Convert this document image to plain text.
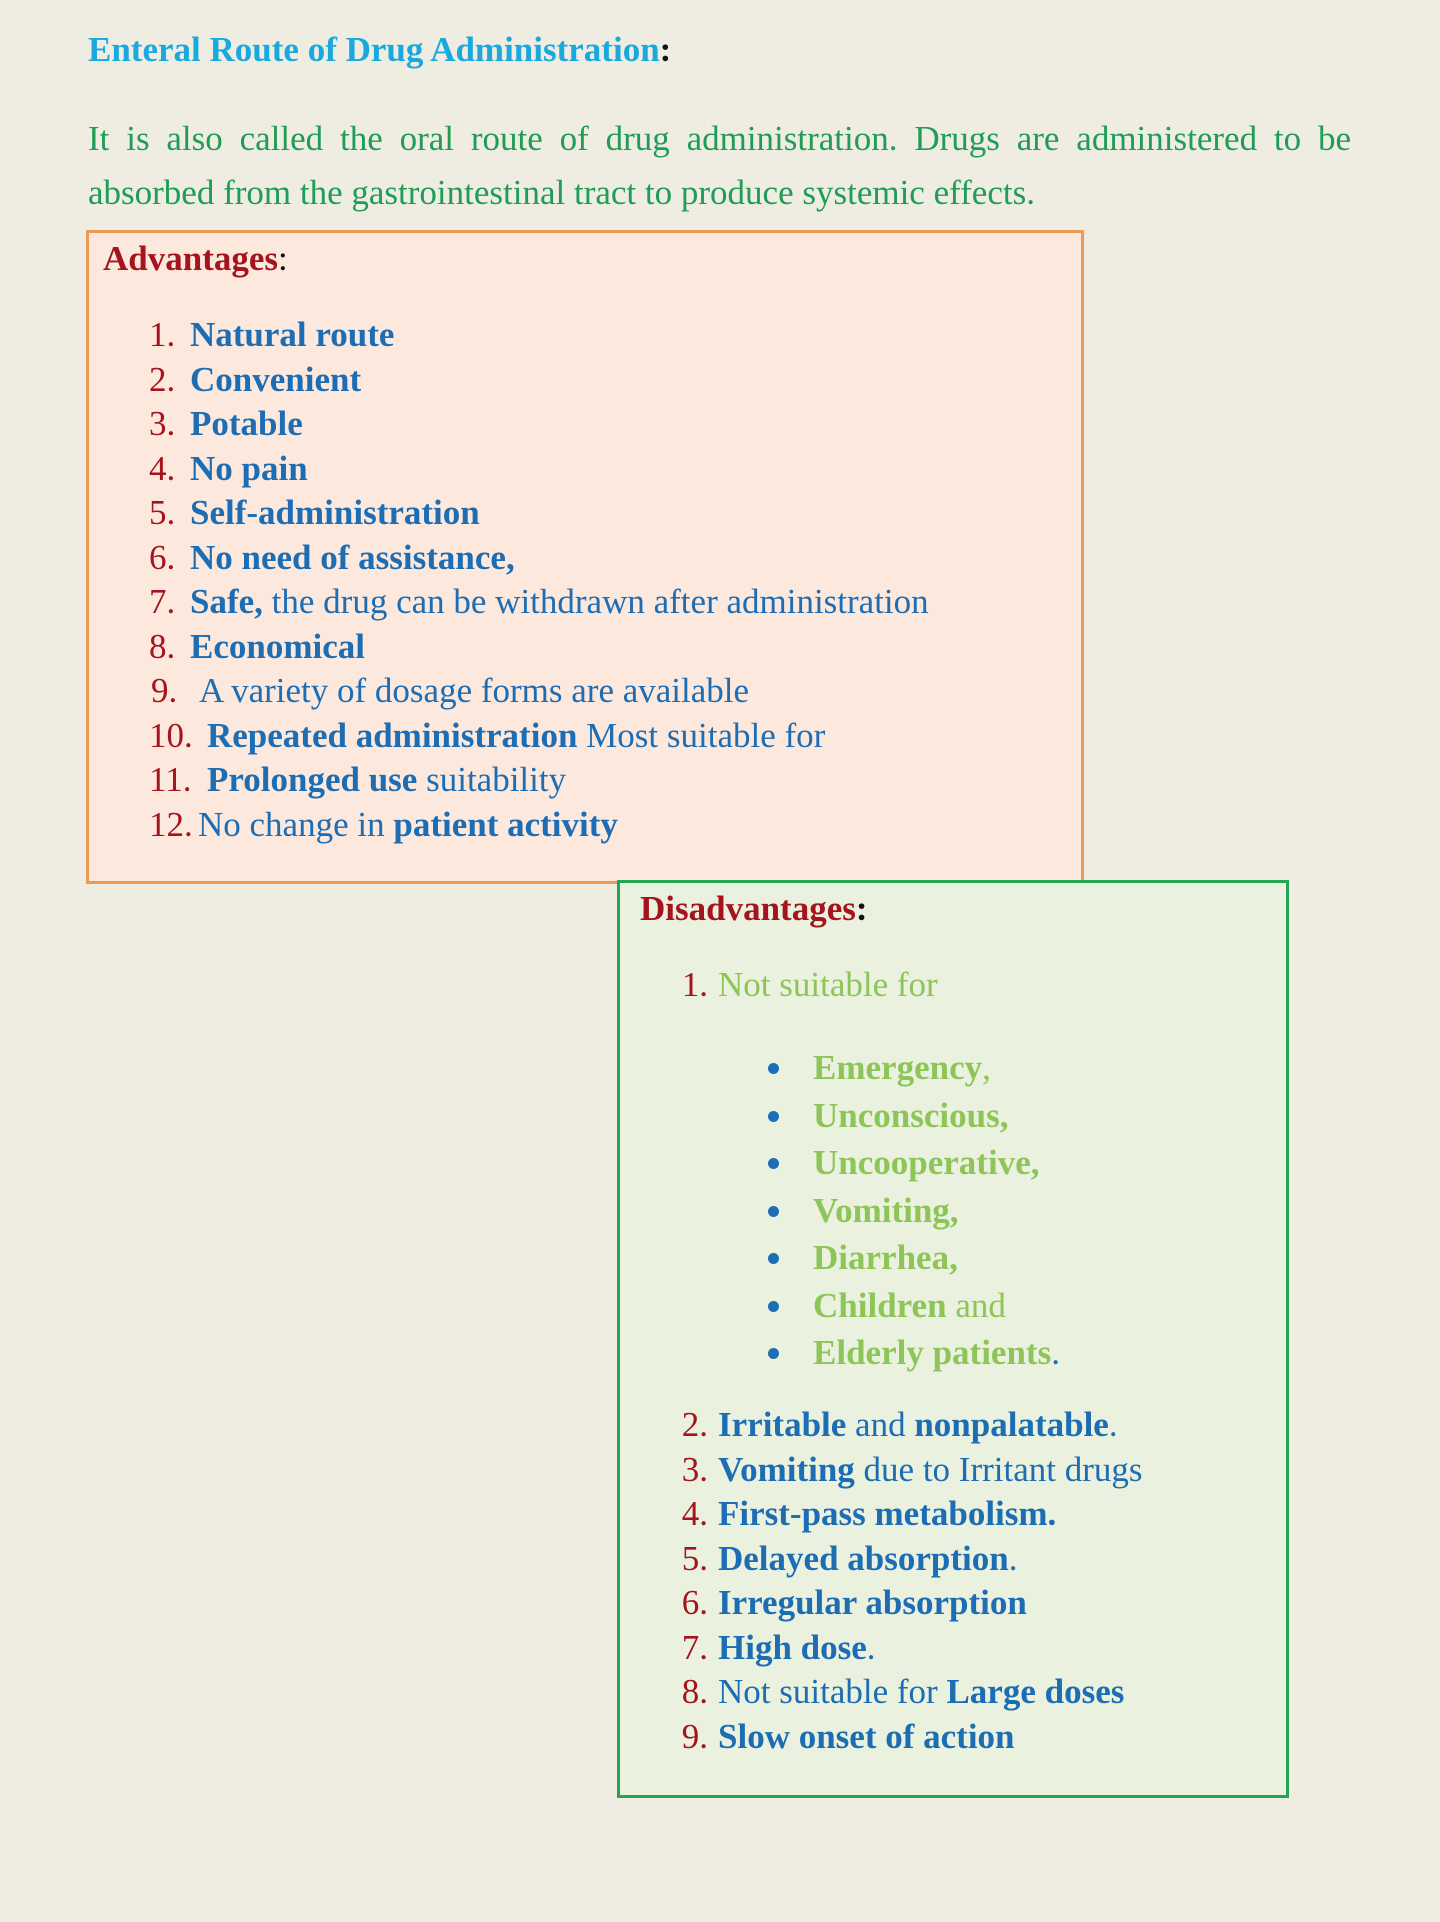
Enteral Route of Drug Administration:
It is also called the oral route of drug administration. Drugs are administered to be absorbed from the gastrointestinal tract to produce systemic effects.
Advantages:
1. Natural route
2. Convenient
3. Potable
4. No pain
5. Self-administration
6. No need of assistance,
7. Safe, the drug can be withdrawn after administration
8. Economical
9. A variety of dosage forms are available
10. Repeated administration Most suitable for
11. Prolonged use suitability
12. No change in patient activity
Disadvantages:
1. Not suitable for
Emergency,
Unconscious,
Uncooperative,
Vomiting,
Diarrhea,
Children and
Elderly patients.
2. Irritable and nonpalatable.
3. Vomiting due to Irritant drugs
4. First-pass metabolism.
5. Delayed absorption.
6. Irregular absorption
7. High dose.
8. Not suitable for Large doses
9. Slow onset of action
